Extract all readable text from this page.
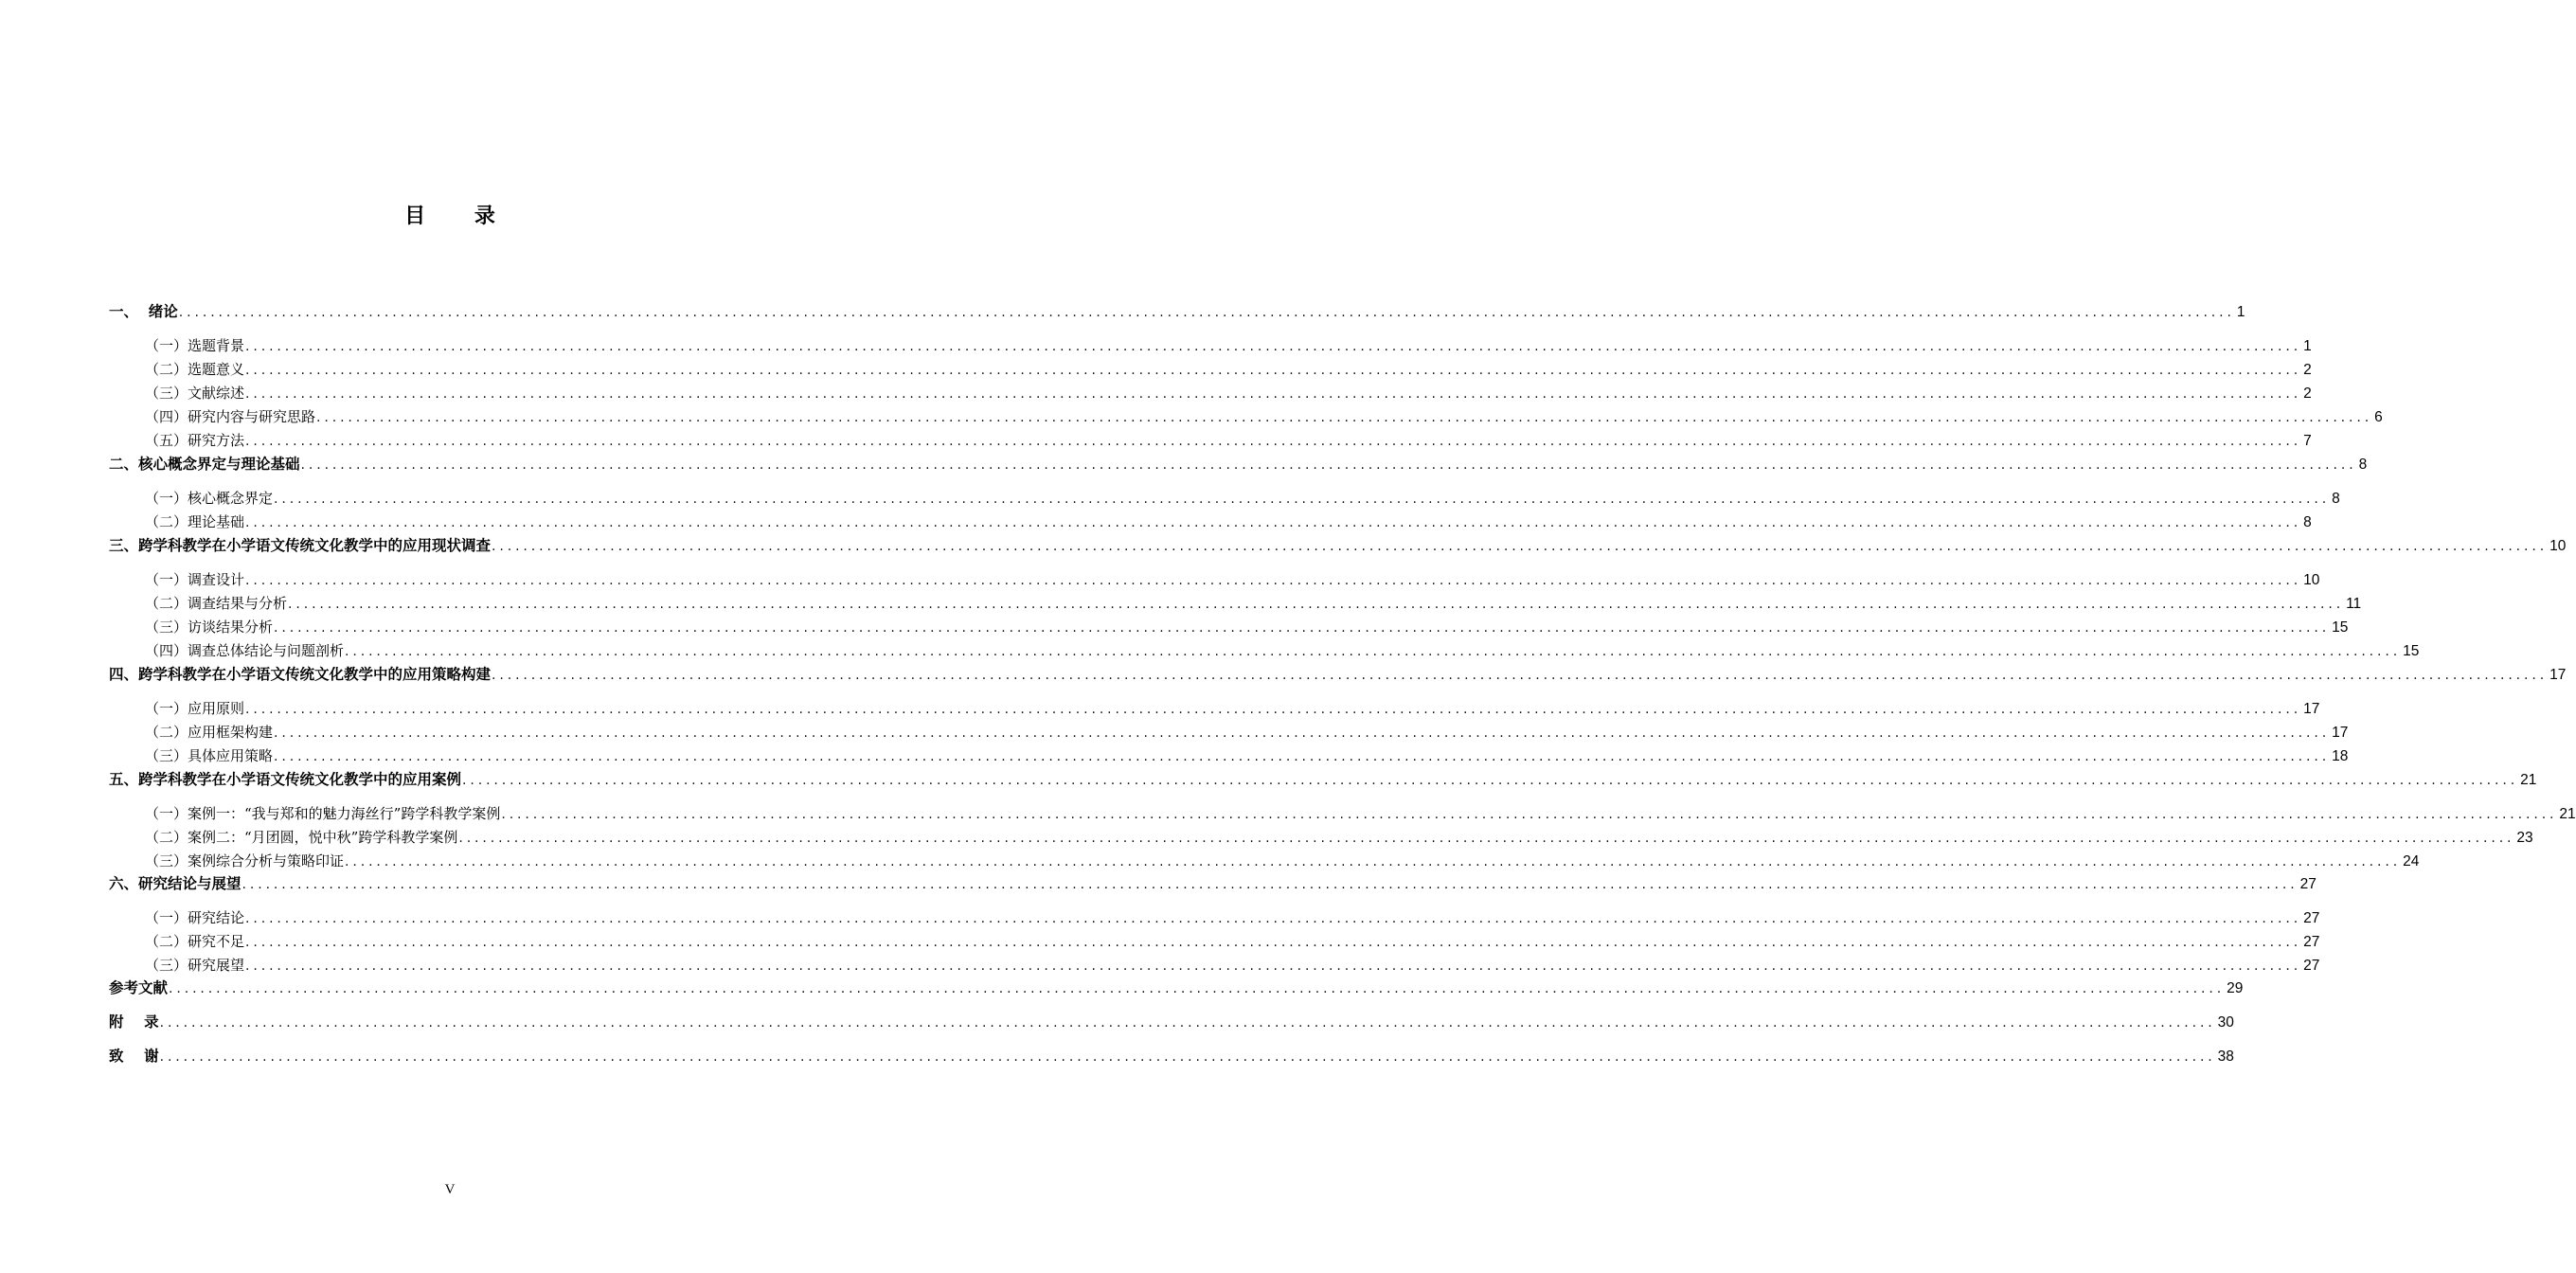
目 录
一、  绪论 .................................................................................................................................................................................................................................................................... 1
（一）选题背景 .................................................................................................................................................................................................................................................................... 1
（二）选题意义 .................................................................................................................................................................................................................................................................... 2
（三）文献综述 .................................................................................................................................................................................................................................................................... 2
（四）研究内容与研究思路 .................................................................................................................................................................................................................................................................... 6
（五）研究方法 .................................................................................................................................................................................................................................................................... 7
二、核心概念界定与理论基础 .................................................................................................................................................................................................................................................................... 8
（一）核心概念界定 .................................................................................................................................................................................................................................................................... 8
（二）理论基础 .................................................................................................................................................................................................................................................................... 8
三、跨学科教学在小学语文传统文化教学中的应用现状调查 .................................................................................................................................................................................................................................................................... 10
（一）调查设计 .................................................................................................................................................................................................................................................................... 10
（二）调查结果与分析 .................................................................................................................................................................................................................................................................... 11
（三）访谈结果分析 .................................................................................................................................................................................................................................................................... 15
（四）调查总体结论与问题剖析 .................................................................................................................................................................................................................................................................... 15
四、跨学科教学在小学语文传统文化教学中的应用策略构建 .................................................................................................................................................................................................................................................................... 17
（一）应用原则 .................................................................................................................................................................................................................................................................... 17
（二）应用框架构建 .................................................................................................................................................................................................................................................................... 17
（三）具体应用策略 .................................................................................................................................................................................................................................................................... 18
五、跨学科教学在小学语文传统文化教学中的应用案例 .................................................................................................................................................................................................................................................................... 21
（一）案例一：“我与郑和的魅力海丝行”跨学科教学案例 .................................................................................................................................................................................................................................................................... 21
（二）案例二：“月团圆，悦中秋”跨学科教学案例 .................................................................................................................................................................................................................................................................... 23
（三）案例综合分析与策略印证 .................................................................................................................................................................................................................................................................... 24
六、研究结论与展望 .................................................................................................................................................................................................................................................................... 27
（一）研究结论 .................................................................................................................................................................................................................................................................... 27
（二）研究不足 .................................................................................................................................................................................................................................................................... 27
（三）研究展望 .................................................................................................................................................................................................................................................................... 27
参考文献 .................................................................................................................................................................................................................................................................... 29
附    录 .................................................................................................................................................................................................................................................................... 30
致    谢 .................................................................................................................................................................................................................................................................... 38
V
